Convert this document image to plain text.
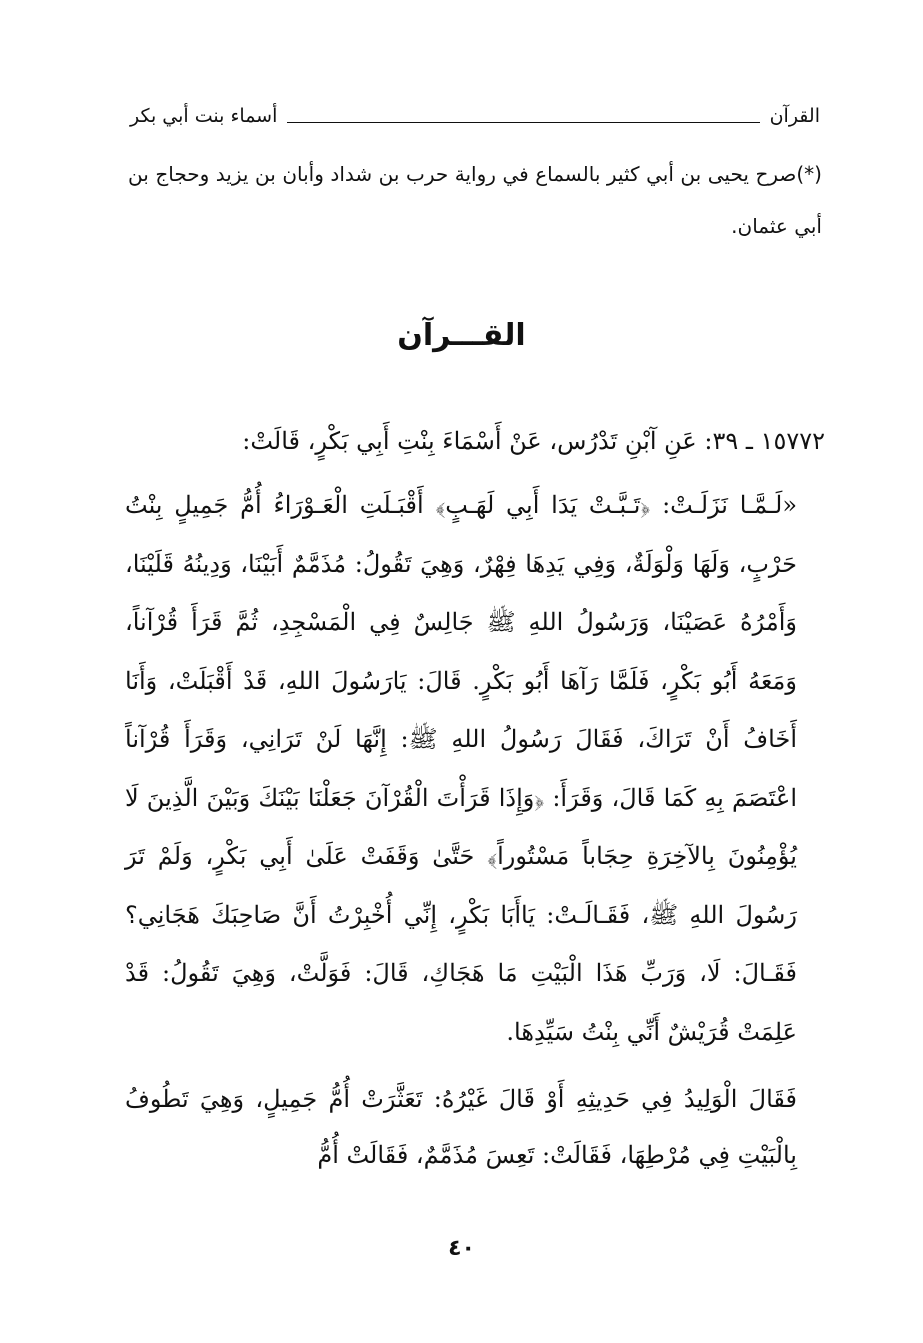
القرآن
أسماء بنت أبي بكر
(*)صرح يحيى بن أبي كثير بالسماع في رواية حرب بن شداد وأبان بن يزيد وحجاج بن أبي عثمان.
القـــرآن

١٥٧٧٢ ـ ٣٩: عَنِ آبْنِ تَدْرُس، عَنْ أَسْمَاءَ بِنْتِ أَبِي بَكْرٍ، قَالَتْ:

«لَـمَّـا نَزَلَـتْ: ﴿تَـبَّـتْ يَدَا أَبِي لَهَـبٍ﴾ أَقْبَـلَتِ الْعَـوْرَاءُ أُمُّ جَمِيلٍ بِنْتُ حَرْبٍ، وَلَهَا وَلْوَلَةٌ، وَفِي يَدِهَا فِهْرٌ، وَهِيَ تَقُولُ: مُذَمَّمٌ أَبَيْنَا، وَدِينُهُ قَلَيْنَا، وَأَمْرُهُ عَصَيْنَا، وَرَسُولُ اللهِ ﷺ جَالِسٌ فِي الْمَسْجِدِ، ثُمَّ قَرَأَ قُرْآناً، وَمَعَهُ أَبُو بَكْرٍ، فَلَمَّا رَآهَا أَبُو بَكْرٍ. قَالَ: يَارَسُولَ اللهِ، قَدْ أَقْبَلَتْ، وَأَنَا أَخَافُ أَنْ تَرَاكَ، فَقَالَ رَسُولُ اللهِ ﷺ: إِنَّهَا لَنْ تَرَانِي، وَقَرَأَ قُرْآناً اعْتَصَمَ بِهِ كَمَا قَالَ، وَقَرَأَ: ﴿وَإِذَا قَرَأْتَ الْقُرْآنَ جَعَلْنَا بَيْنَكَ وَبَيْنَ الَّذِينَ لَا يُؤْمِنُونَ بِالآخِرَةِ حِجَاباً مَسْتُوراً﴾ حَتَّىٰ وَقَفَتْ عَلَىٰ أَبِي بَكْرٍ، وَلَمْ تَرَ رَسُولَ اللهِ ﷺ، فَقَـالَـتْ: يَاأَبَا بَكْرٍ، إِنِّي أُخْبِرْتُ أَنَّ صَاحِبَكَ هَجَانِي؟ فَقَـالَ: لَا، وَرَبِّ هَذَا الْبَيْتِ مَا هَجَاكِ، قَالَ: فَوَلَّتْ، وَهِيَ تَقُولُ: قَدْ عَلِمَتْ قُرَيْشٌ أَنِّي بِنْتُ سَيِّدِهَا.

فَقَالَ الْوَلِيدُ فِي حَدِيثِهِ أَوْ قَالَ غَيْرُهُ: تَعَثَّرَتْ أُمُّ جَمِيلٍ، وَهِيَ تَطُوفُ بِالْبَيْتِ فِي مُرْطِهَا، فَقَالَتْ: تَعِسَ مُذَمَّمٌ، فَقَالَتْ أُمُّ

٤٠
